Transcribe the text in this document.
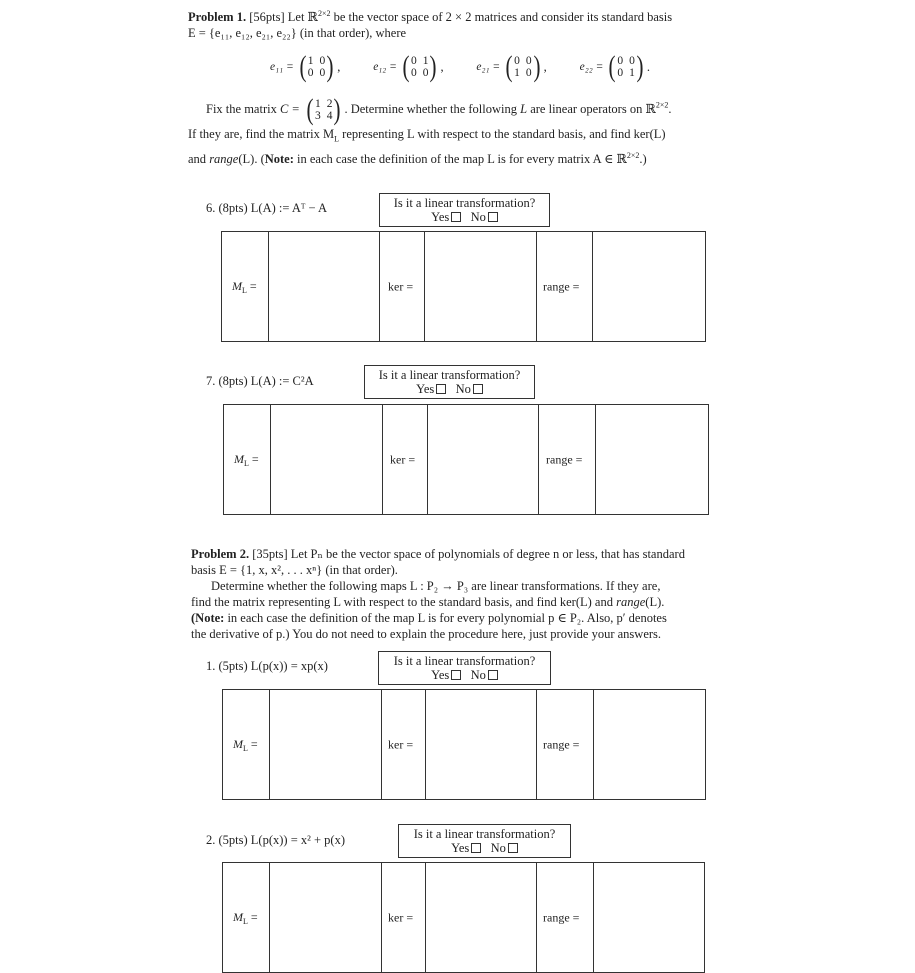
Problem 1. [56pts] Let ℝ$^{2\times 2}$ be the vector space of 2 × 2 matrices and consider its standard basis
E = {e₁₁, e₁₂, e₂₁, e₂₂} (in that order), where
e₁₁ = ( 1 0
0 0 ) ,	e₁₂ = ( 0 1
0 0 ) ,	e₂₁ = ( 0 0
1 0 ) ,	e₂₂ = ( 0 0
0 1 ) .
Fix the matrix C = ( 1 2
3 4 ) . Determine whether the following L are linear operators on ℝ$^{2\times 2}$.
If they are, find the matrix $M_L$ representing L with respect to the standard basis, and find ker(L)
and range(L). (Note: in each case the definition of the map L is for every matrix A ∈ ℝ$^{2\times 2}$.)
6. (8pts) L(A) := Aᵀ − A	Is it a linear transformation?
Yes No
$M_L$ =	ker =	range =
7. (8pts) L(A) := C²A	Is it a linear transformation?
Yes No
$M_L$ =	ker =	range =
Problem 2. [35pts] Let Pₙ be the vector space of polynomials of degree n or less, that has standard
basis E = {1, x, x², . . . xⁿ} (in that order).
Determine whether the following maps L : P₂ → P₃ are linear transformations. If they are,
find the matrix representing L with respect to the standard basis, and find ker(L) and range(L).
(Note: in each case the definition of the map L is for every polynomial p ∈ P₂. Also, p′ denotes
the derivative of p.) You do not need to explain the procedure here, just provide your answers.
1. (5pts) L(p(x)) = xp(x)	Is it a linear transformation?
Yes No
$M_L$ =	ker =	range =
2. (5pts) L(p(x)) = x² + p(x)	Is it a linear transformation?
Yes No
$M_L$ =	ker =	range =
